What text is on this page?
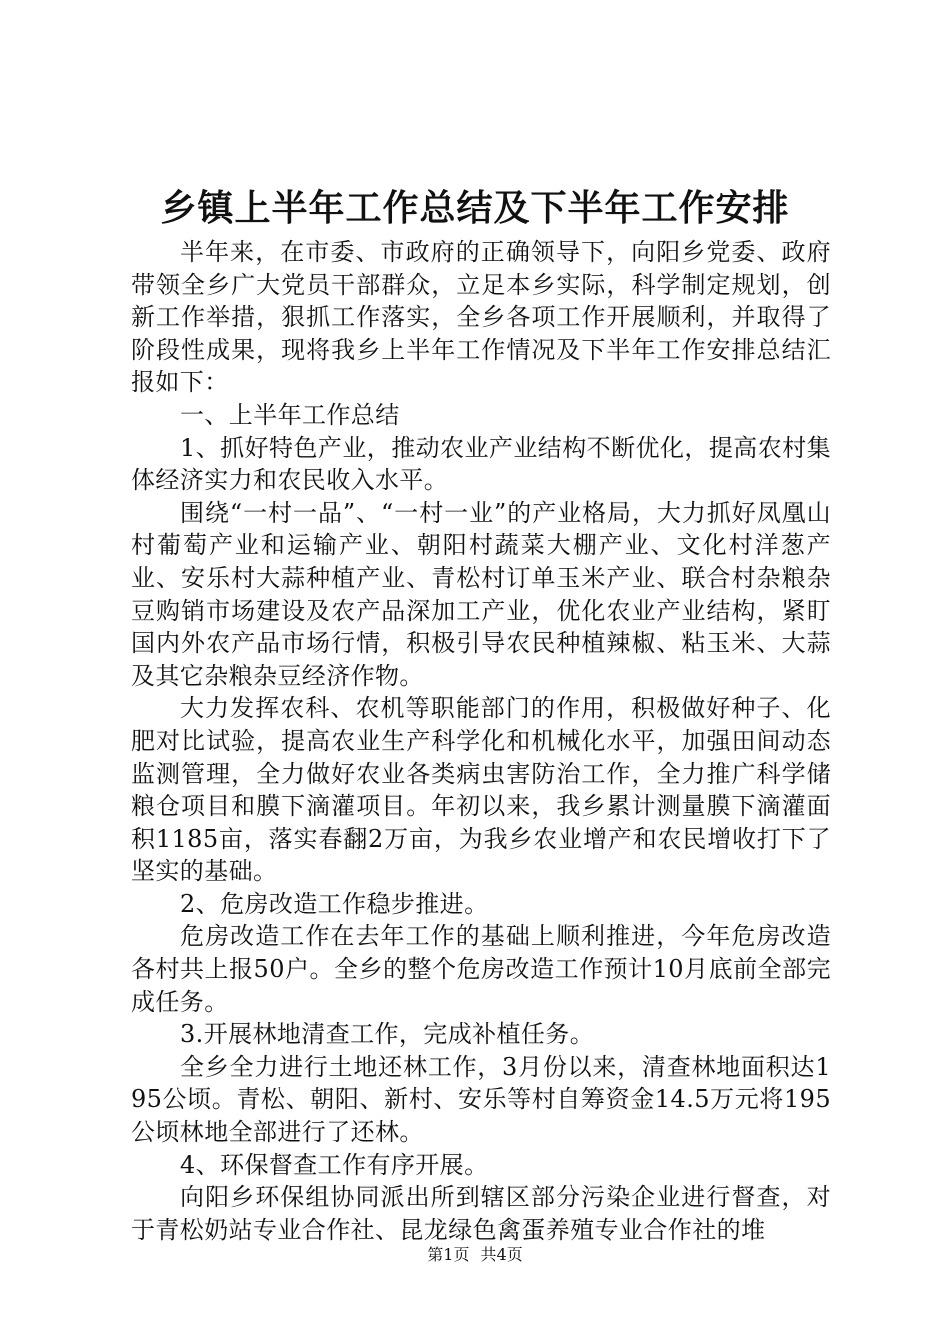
乡镇上半年工作总结及下半年工作安排

半年来，在市委、市政府的正确领导下，向阳乡党委、政府带领全乡广大党员干部群众，立足本乡实际，科学制定规划，创新工作举措，狠抓工作落实，全乡各项工作开展顺利，并取得了阶段性成果，现将我乡上半年工作情况及下半年工作安排总结汇报如下：

一、上半年工作总结

1、抓好特色产业，推动农业产业结构不断优化，提高农村集体经济实力和农民收入水平。

围绕“一村一品”、“一村一业”的产业格局，大力抓好凤凰山村葡萄产业和运输产业、朝阳村蔬菜大棚产业、文化村洋葱产业、安乐村大蒜种植产业、青松村订单玉米产业、联合村杂粮杂豆购销市场建设及农产品深加工产业，优化农业产业结构，紧盯国内外农产品市场行情，积极引导农民种植辣椒、粘玉米、大蒜及其它杂粮杂豆经济作物。

大力发挥农科、农机等职能部门的作用，积极做好种子、化肥对比试验，提高农业生产科学化和机械化水平，加强田间动态监测管理，全力做好农业各类病虫害防治工作，全力推广科学储粮仓项目和膜下滴灌项目。年初以来，我乡累计测量膜下滴灌面积1185亩，落实春翻2万亩，为我乡农业增产和农民增收打下了坚实的基础。

2、危房改造工作稳步推进。

危房改造工作在去年工作的基础上顺利推进，今年危房改造各村共上报50户。全乡的整个危房改造工作预计10月底前全部完成任务。

3.开展林地清查工作，完成补植任务。

全乡全力进行土地还林工作，3月份以来，清查林地面积达195公顷。青松、朝阳、新村、安乐等村自筹资金14.5万元将195公顷林地全部进行了还林。

4、环保督查工作有序开展。

向阳乡环保组协同派出所到辖区部分污染企业进行督查，对于青松奶站专业合作社、昆龙绿色禽蛋养殖专业合作社的堆

第1页 共4页
